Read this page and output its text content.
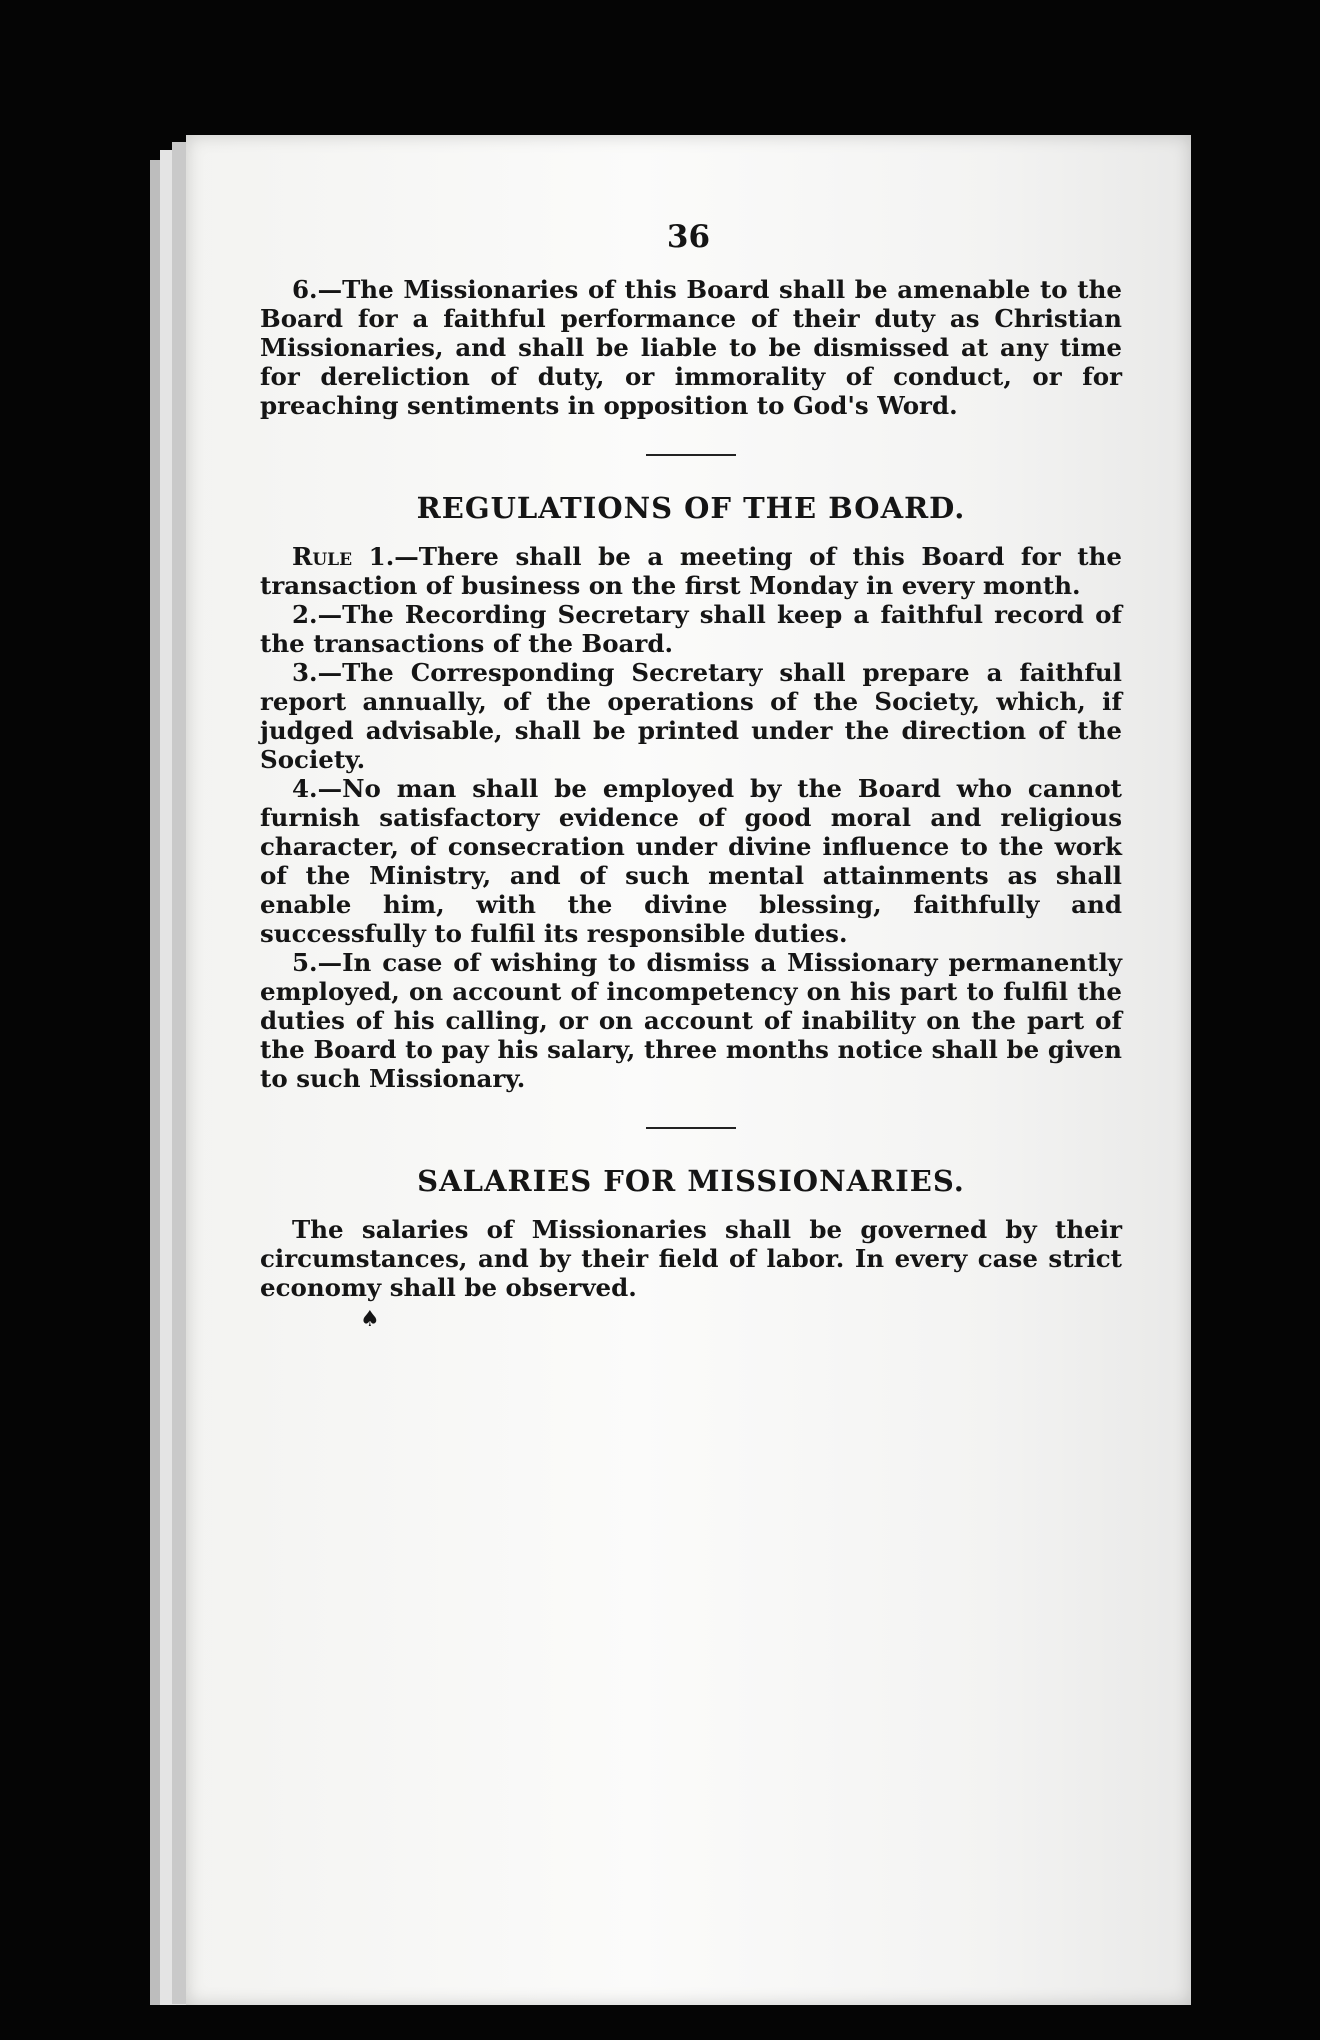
36

6.—The Missionaries of this Board shall be amenable to the Board for a faithful performance of their duty as Christian Missionaries, and shall be liable to be dismissed at any time for dereliction of duty, or immorality of conduct, or for preaching sentiments in opposition to God's Word.

REGULATIONS OF THE BOARD.

Rule 1.—There shall be a meeting of this Board for the transaction of business on the first Monday in every month.

2.—The Recording Secretary shall keep a faithful record of the transactions of the Board.

3.—The Corresponding Secretary shall prepare a faithful report annually, of the operations of the Society, which, if judged advisable, shall be printed under the direction of the Society.

4.—No man shall be employed by the Board who cannot furnish satisfactory evidence of good moral and religious character, of consecration under divine influence to the work of the Ministry, and of such mental attainments as shall enable him, with the divine blessing, faithfully and successfully to fulfil its responsible duties.

5.—In case of wishing to dismiss a Missionary permanently employed, on account of incompetency on his part to fulfil the duties of his calling, or on account of inability on the part of the Board to pay his salary, three months notice shall be given to such Missionary.

SALARIES FOR MISSIONARIES.

The salaries of Missionaries shall be governed by their circumstances, and by their field of labor. In every case strict economy shall be observed.

♠
